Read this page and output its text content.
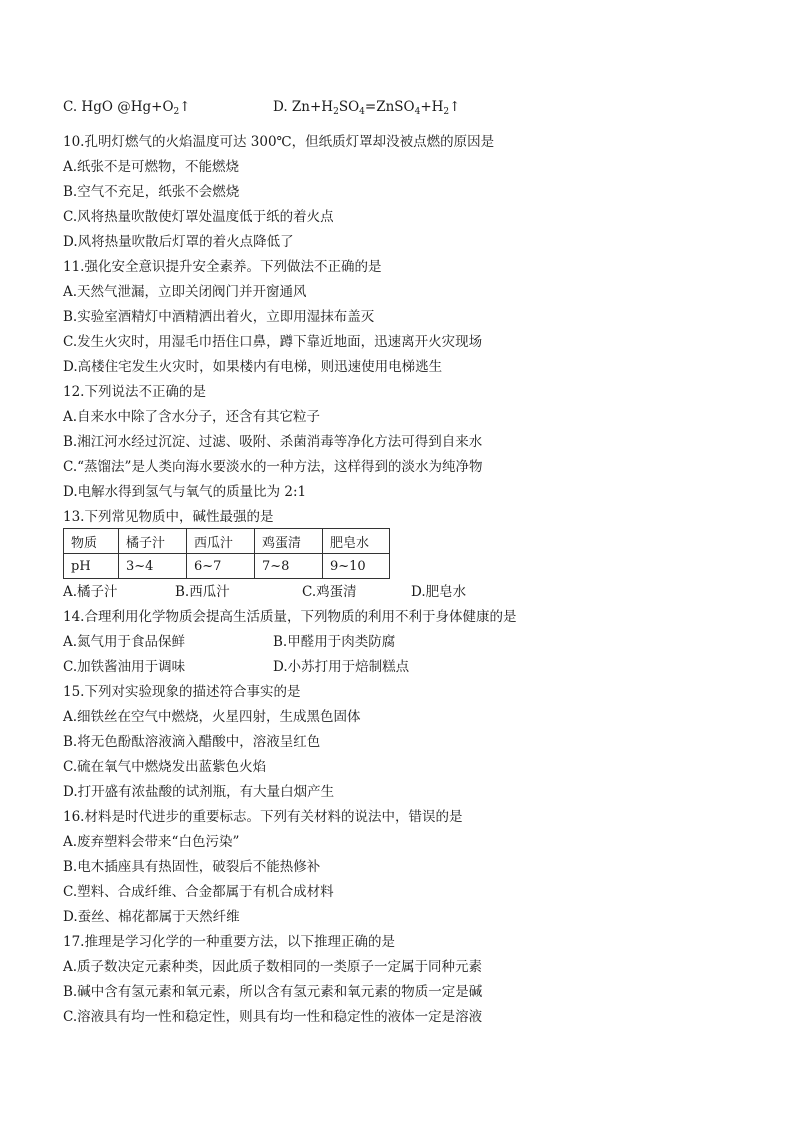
C. HgO $@Hg+O_2↑$	D. $Zn+H_2SO_4=ZnSO_4+H_2↑$
10.孔明灯燃气的火焰温度可达 300℃，但纸质灯罩却没被点燃的原因是
A.纸张不是可燃物，不能燃烧
B.空气不充足，纸张不会燃烧
C.风将热量吹散使灯罩处温度低于纸的着火点
D.风将热量吹散后灯罩的着火点降低了
11.强化安全意识提升安全素养。下列做法不正确的是
A.天然气泄漏，立即关闭阀门并开窗通风
B.实验室酒精灯中酒精洒出着火，立即用湿抹布盖灭
C.发生火灾时，用湿毛巾捂住口鼻，蹲下靠近地面，迅速离开火灾现场
D.高楼住宅发生火灾时，如果楼内有电梯，则迅速使用电梯逃生
12.下列说法不正确的是
A.自来水中除了含水分子，还含有其它粒子
B.湘江河水经过沉淀、过滤、吸附、杀菌消毒等净化方法可得到自来水
C.“蒸馏法”是人类向海水要淡水的一种方法，这样得到的淡水为纯净物
D.电解水得到氢气与氧气的质量比为 2:1
13.下列常见物质中，碱性最强的是
物质	橘子汁	西瓜汁	鸡蛋清	肥皂水
pH	3~4	6~7	7~8	9~10
A.橘子汁	B.西瓜汁	C.鸡蛋清	D.肥皂水
14.合理利用化学物质会提高生活质量，下列物质的利用不利于身体健康的是
A.氮气用于食品保鲜	B.甲醛用于肉类防腐
C.加铁酱油用于调味	D.小苏打用于焙制糕点
15.下列对实验现象的描述符合事实的是
A.细铁丝在空气中燃烧，火星四射，生成黑色固体
B.将无色酚酞溶液滴入醋酸中，溶液呈红色
C.硫在氧气中燃烧发出蓝紫色火焰
D.打开盛有浓盐酸的试剂瓶，有大量白烟产生
16.材料是时代进步的重要标志。下列有关材料的说法中，错误的是
A.废弃塑料会带来“白色污染”
B.电木插座具有热固性，破裂后不能热修补
C.塑料、合成纤维、合金都属于有机合成材料
D.蚕丝、棉花都属于天然纤维
17.推理是学习化学的一种重要方法，以下推理正确的是
A.质子数决定元素种类，因此质子数相同的一类原子一定属于同种元素
B.碱中含有氢元素和氧元素，所以含有氢元素和氧元素的物质一定是碱
C.溶液具有均一性和稳定性，则具有均一性和稳定性的液体一定是溶液
